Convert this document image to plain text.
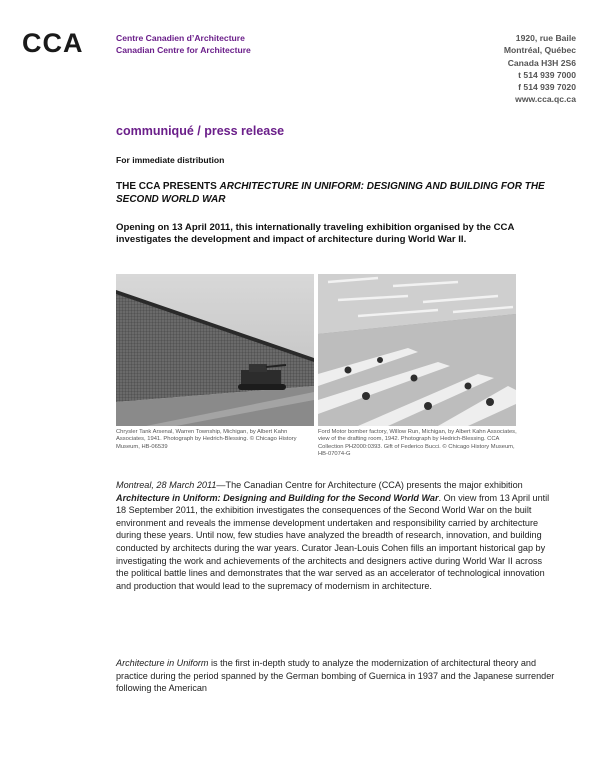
CCA	Centre Canadien d’Architecture
Canadian Centre for Architecture
1920, rue Baile
Montréal, Québec
Canada H3H 2S6
t 514 939 7000
f 514 939 7020
www.cca.qc.ca
communiqué / press release
For immediate distribution
THE CCA PRESENTS ARCHITECTURE IN UNIFORM: DESIGNING AND BUILDING FOR THE SECOND WORLD WAR
Opening on 13 April 2011, this internationally traveling exhibition organised by the CCA investigates the development and impact of architecture during World War II.
Chrysler Tank Arsenal, Warren Township, Michigan, by Albert Kahn Associates, 1941. Photograph by Hedrich-Blessing. © Chicago History Museum, HB-06539
Ford Motor bomber factory, Willow Run, Michigan, by Albert Kahn Associates, view of the drafting room, 1942. Photograph by Hedrich-Blessing. CCA Collection PH2000:0393. Gift of Federico Bucci. © Chicago History Museum, HB-07074-G

Montreal, 28 March 2011—The Canadian Centre for Architecture (CCA) presents the major exhibition Architecture in Uniform: Designing and Building for the Second World War. On view from 13 April until 18 September 2011, the exhibition investigates the consequences of the Second World War on the built environment and reveals the immense development undertaken and responsibility carried by architecture during these years. Until now, few studies have analyzed the breadth of research, innovation, and building conducted by architects during the war years. Curator Jean-Louis Cohen fills an important historical gap by investigating the work and achievements of the architects and designers active during World War II across the political battle lines and demonstrates that the war served as an accelerator of technological innovation and production that would lead to the supremacy of modernism in architecture.

Architecture in Uniform is the first in-depth study to analyze the modernization of architectural theory and practice during the period spanned by the German bombing of Guernica in 1937 and the Japanese surrender following the American
